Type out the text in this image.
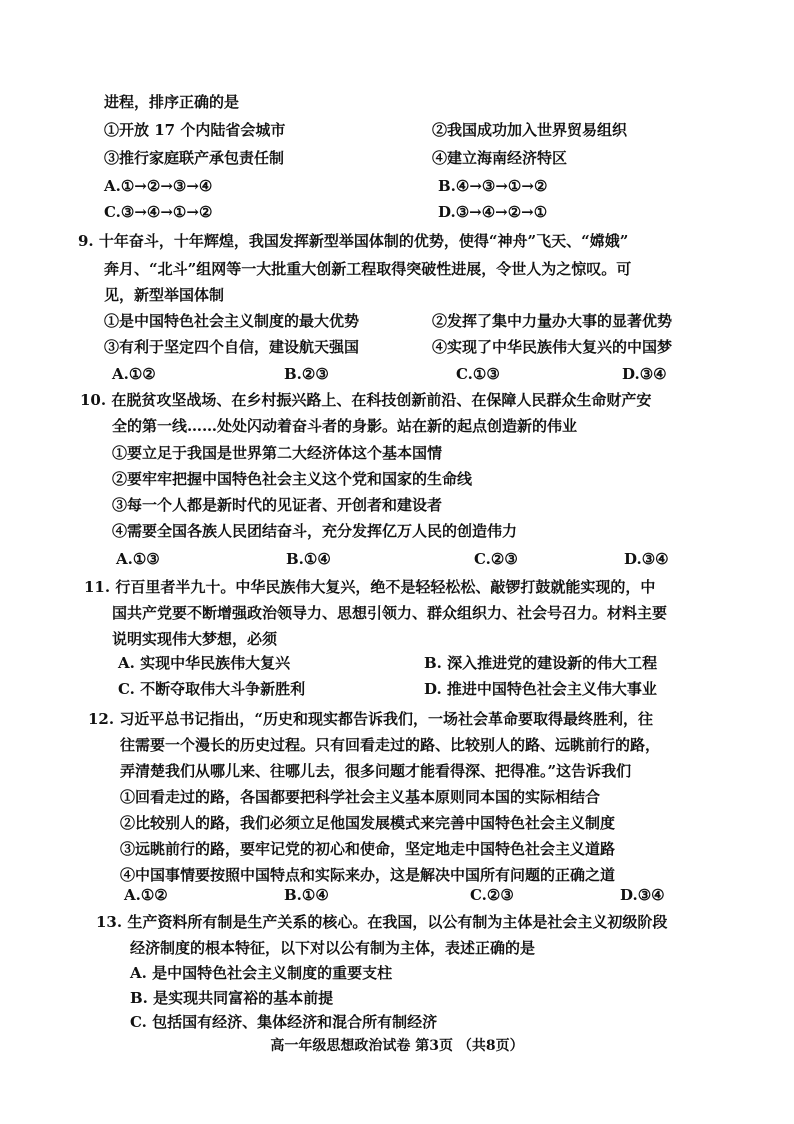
进程，排序正确的是
①开放 17 个内陆省会城市	②我国成功加入世界贸易组织
③推行家庭联产承包责任制	④建立海南经济特区
A.①→②→③→④	B.④→③→①→②
C.③→④→①→②	D.③→④→②→①
9. 十年奋斗，十年辉煌，我国发挥新型举国体制的优势，使得“神舟”飞天、“嫦娥”
奔月、“北斗”组网等一大批重大创新工程取得突破性进展，令世人为之惊叹。可
见，新型举国体制
①是中国特色社会主义制度的最大优势	②发挥了集中力量办大事的显著优势
③有利于坚定四个自信，建设航天强国	④实现了中华民族伟大复兴的中国梦
A.①②	B.②③	C.①③	D.③④
10. 在脱贫攻坚战场、在乡村振兴路上、在科技创新前沿、在保障人民群众生命财产安
全的第一线……处处闪动着奋斗者的身影。站在新的起点创造新的伟业
①要立足于我国是世界第二大经济体这个基本国情
②要牢牢把握中国特色社会主义这个党和国家的生命线
③每一个人都是新时代的见证者、开创者和建设者
④需要全国各族人民团结奋斗，充分发挥亿万人民的创造伟力
A.①③	B.①④	C.②③	D.③④
11. 行百里者半九十。中华民族伟大复兴，绝不是轻轻松松、敲锣打鼓就能实现的，中
国共产党要不断增强政治领导力、思想引领力、群众组织力、社会号召力。材料主要
说明实现伟大梦想，必须
A. 实现中华民族伟大复兴	B. 深入推进党的建设新的伟大工程
C. 不断夺取伟大斗争新胜利	D. 推进中国特色社会主义伟大事业
12. 习近平总书记指出，“历史和现实都告诉我们，一场社会革命要取得最终胜利，往
往需要一个漫长的历史过程。只有回看走过的路、比较别人的路、远眺前行的路，
弄清楚我们从哪儿来、往哪儿去，很多问题才能看得深、把得准。”这告诉我们
①回看走过的路，各国都要把科学社会主义基本原则同本国的实际相结合
②比较别人的路，我们必须立足他国发展模式来完善中国特色社会主义制度
③远眺前行的路，要牢记党的初心和使命，坚定地走中国特色社会主义道路
④中国事情要按照中国特点和实际来办，这是解决中国所有问题的正确之道
A.①②	B.①④	C.②③	D.③④
13. 生产资料所有制是生产关系的核心。在我国，以公有制为主体是社会主义初级阶段
经济制度的根本特征，以下对以公有制为主体，表述正确的是
A. 是中国特色社会主义制度的重要支柱
B. 是实现共同富裕的基本前提
C. 包括国有经济、集体经济和混合所有制经济
高一年级思想政治试卷 第3页 （共8页）
